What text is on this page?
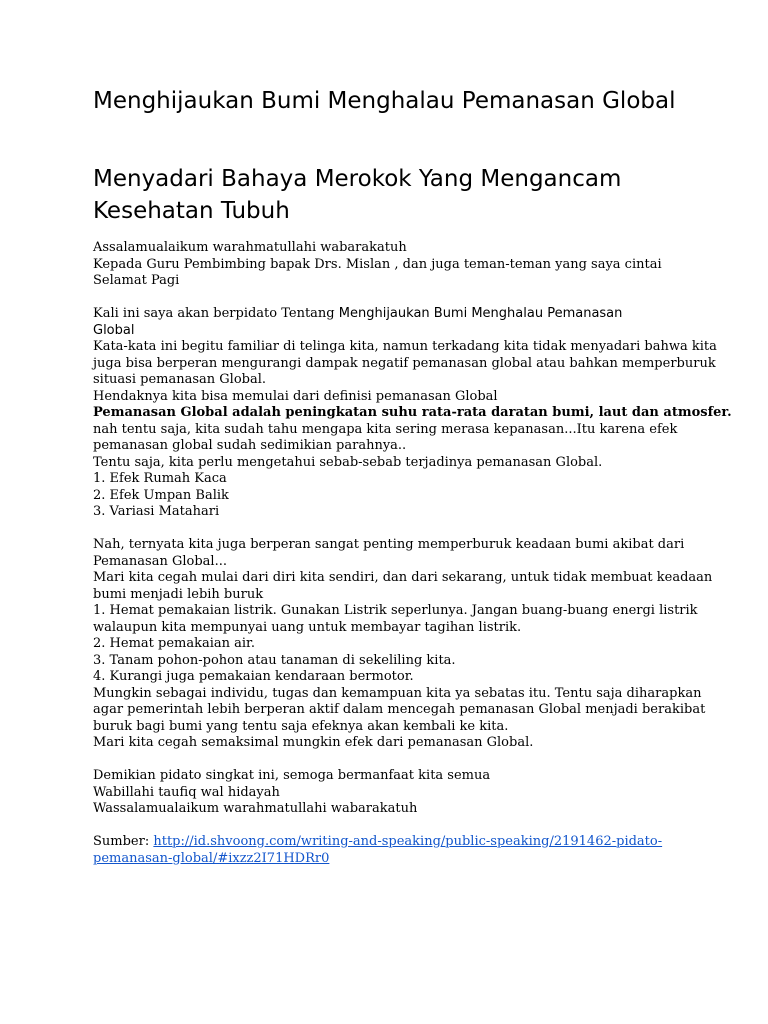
Menghijaukan Bumi Menghalau Pemanasan Global
Menyadari Bahaya Merokok Yang Mengancam Kesehatan Tubuh
Assalamualaikum warahmatullahi wabarakatuh
Kepada Guru Pembimbing bapak Drs. Mislan , dan juga teman-teman yang saya cintai
Selamat Pagi
Kali ini saya akan berpidato Tentang Menghijaukan Bumi Menghalau Pemanasan
Global
Kata-kata ini begitu familiar di telinga kita, namun terkadang kita tidak menyadari bahwa kita
juga bisa berperan mengurangi dampak negatif pemanasan global atau bahkan memperburuk
situasi pemanasan Global.
Hendaknya kita bisa memulai dari definisi pemanasan Global
Pemanasan Global adalah peningkatan suhu rata-rata daratan bumi, laut dan atmosfer.
nah tentu saja, kita sudah tahu mengapa kita sering merasa kepanasan...Itu karena efek
pemanasan global sudah sedimikian parahnya..
Tentu saja, kita perlu mengetahui sebab-sebab terjadinya pemanasan Global.
1. Efek Rumah Kaca
2. Efek Umpan Balik
3. Variasi Matahari
Nah, ternyata kita juga berperan sangat penting memperburuk keadaan bumi akibat dari
Pemanasan Global...
Mari kita cegah mulai dari diri kita sendiri, dan dari sekarang, untuk tidak membuat keadaan
bumi menjadi lebih buruk
1. Hemat pemakaian listrik. Gunakan Listrik seperlunya. Jangan buang-buang energi listrik
walaupun kita mempunyai uang untuk membayar tagihan listrik.
2. Hemat pemakaian air.
3. Tanam pohon-pohon atau tanaman di sekeliling kita.
4. Kurangi juga pemakaian kendaraan bermotor.
Mungkin sebagai individu, tugas dan kemampuan kita ya sebatas itu. Tentu saja diharapkan
agar pemerintah lebih berperan aktif dalam mencegah pemanasan Global menjadi berakibat
buruk bagi bumi yang tentu saja efeknya akan kembali ke kita.
Mari kita cegah semaksimal mungkin efek dari pemanasan Global.
Demikian pidato singkat ini, semoga bermanfaat kita semua
Wabillahi taufiq wal hidayah
Wassalamualaikum warahmatullahi wabarakatuh
Sumber: http://id.shvoong.com/writing-and-speaking/public-speaking/2191462-pidato-
pemanasan-global/#ixzz2I71HDRr0
